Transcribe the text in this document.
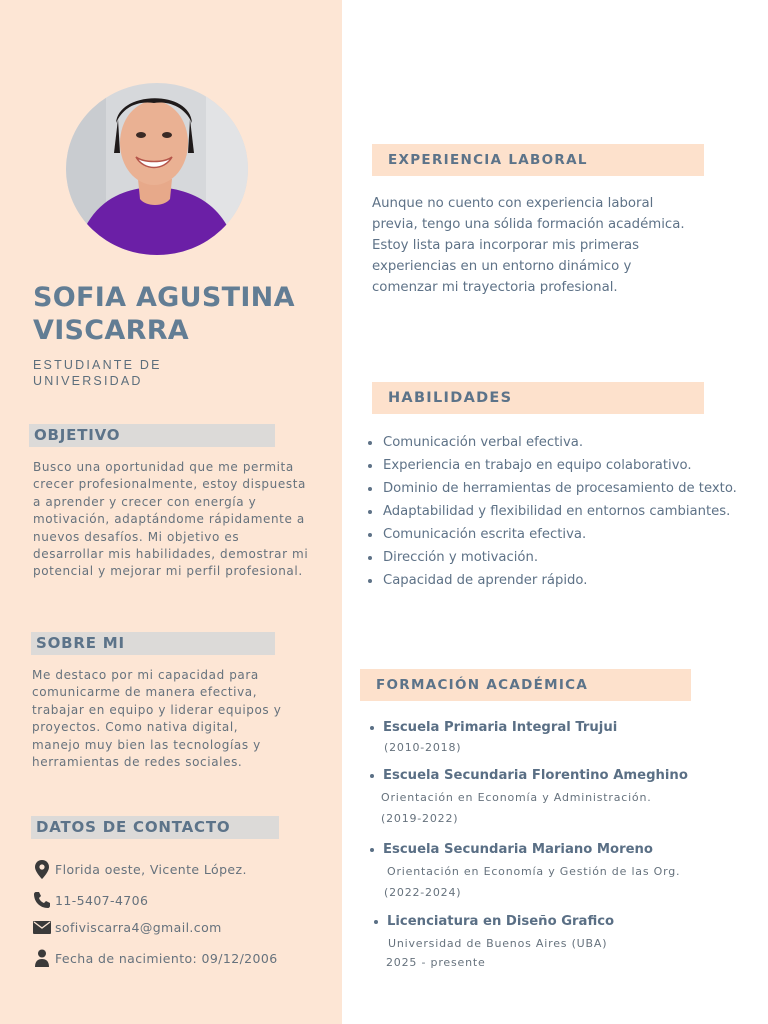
SOFIA AGUSTINA VISCARRA
ESTUDIANTE DE UNIVERSIDAD
OBJETIVO
Busco una oportunidad que me permita crecer profesionalmente, estoy dispuesta a aprender y crecer con energía y motivación, adaptándome rápidamente a nuevos desafíos. Mi objetivo es desarrollar mis habilidades, demostrar mi potencial y mejorar mi perfil profesional.
SOBRE MI
Me destaco por mi capacidad para comunicarme de manera efectiva, trabajar en equipo y liderar equipos y proyectos. Como nativa digital, manejo muy bien las tecnologías y herramientas de redes sociales.
DATOS DE CONTACTO
Florida oeste, Vicente López.
11-5407-4706
sofiviscarra4@gmail.com
Fecha de nacimiento: 09/12/2006
EXPERIENCIA LABORAL
Aunque no cuento con experiencia laboral previa, tengo una sólida formación académica.
Estoy lista para incorporar mis primeras experiencias en un entorno dinámico y comenzar mi trayectoria profesional.
HABILIDADES
Comunicación verbal efectiva.
Experiencia en trabajo en equipo colaborativo.
Dominio de herramientas de procesamiento de texto.
Adaptabilidad y flexibilidad en entornos cambiantes.
Comunicación escrita efectiva.
Dirección y motivación.
Capacidad de aprender rápido.
FORMACIÓN ACADÉMICA
Escuela Primaria Integral Trujui
(2010-2018)
Escuela Secundaria Florentino Ameghino
Orientación en Economía y Administración.
(2019-2022)
Escuela Secundaria Mariano Moreno
Orientación en Economía y Gestión de las Org.
(2022-2024)
Licenciatura en Diseño Grafico
Universidad de Buenos Aires (UBA)
2025 - presente
